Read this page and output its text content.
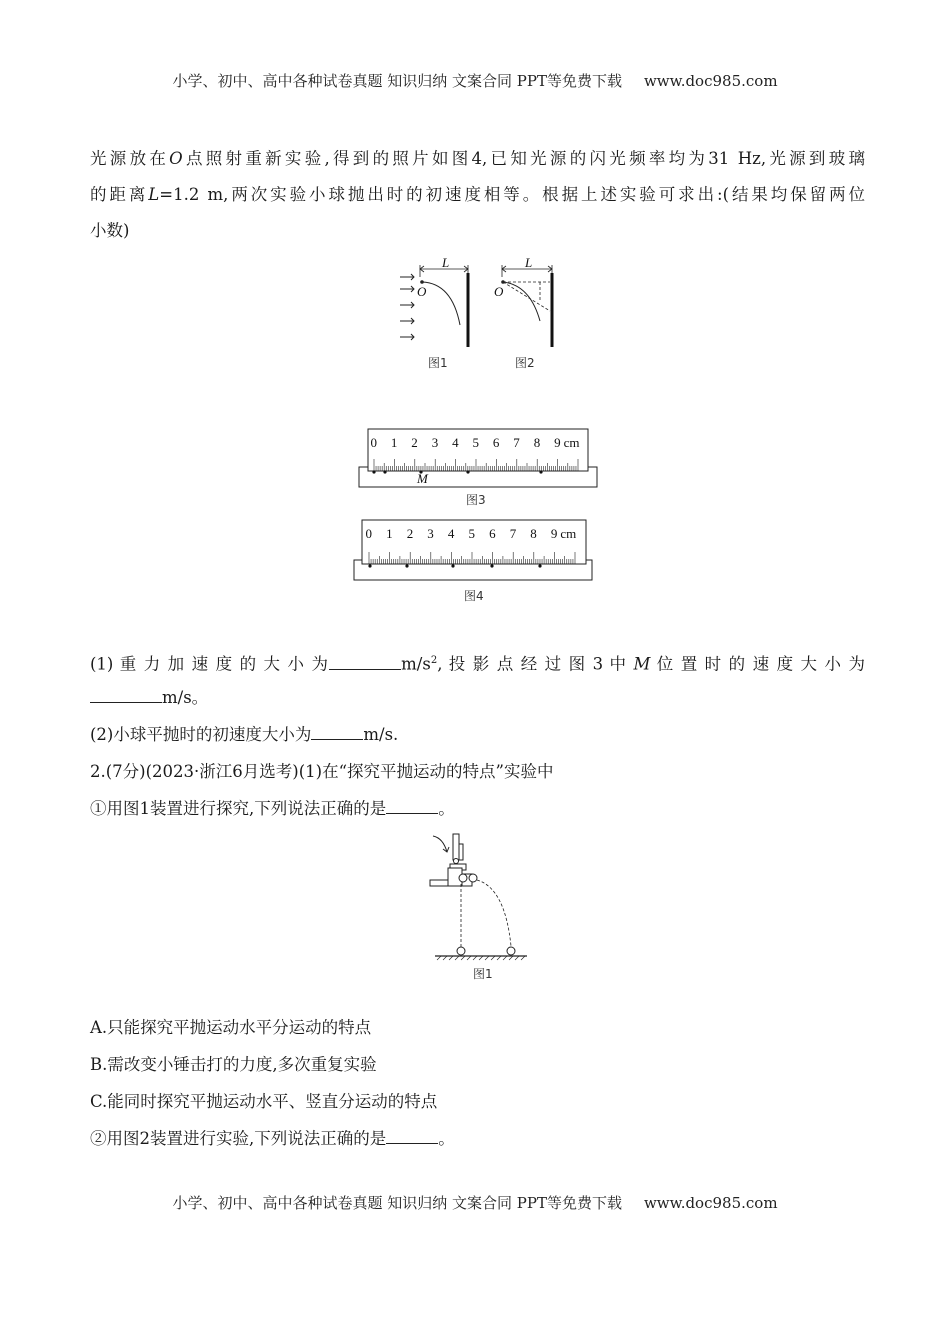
小学、初中、高中各种试卷真题 知识归纳 文案合同 PPT等免费下载 www.doc985.com
光源放在O点照射重新实验,得到的照片如图4,已知光源的闪光频率均为31 Hz,光源到玻璃
的距离L=1.2 m,两次实验小球抛出时的初速度相等。根据上述实验可求出:(结果均保留两位
小数)
L
O
图1
L
O
图2
0 1 2 3 4 5 6 7 8 9 cm
M
图3
0 1 2 3 4 5 6 7 8 9 cm
图4
(1) 重 力 加 速 度 的 大 小 为	$m/s^2$, 投 影 点 经 过 图 3 中 M 位 置 时 的 速 度 大 小 为
m/s。
(2)小球平抛时的初速度大小为	m/s.
2.(7分)(2023·浙江6月选考)(1)在“探究平抛运动的特点”实验中
①用图1装置进行探究,下列说法正确的是	。
图1
A.只能探究平抛运动水平分运动的特点
B.需改变小锤击打的力度,多次重复实验
C.能同时探究平抛运动水平、竖直分运动的特点
②用图2装置进行实验,下列说法正确的是	。
小学、初中、高中各种试卷真题 知识归纳 文案合同 PPT等免费下载 www.doc985.com
